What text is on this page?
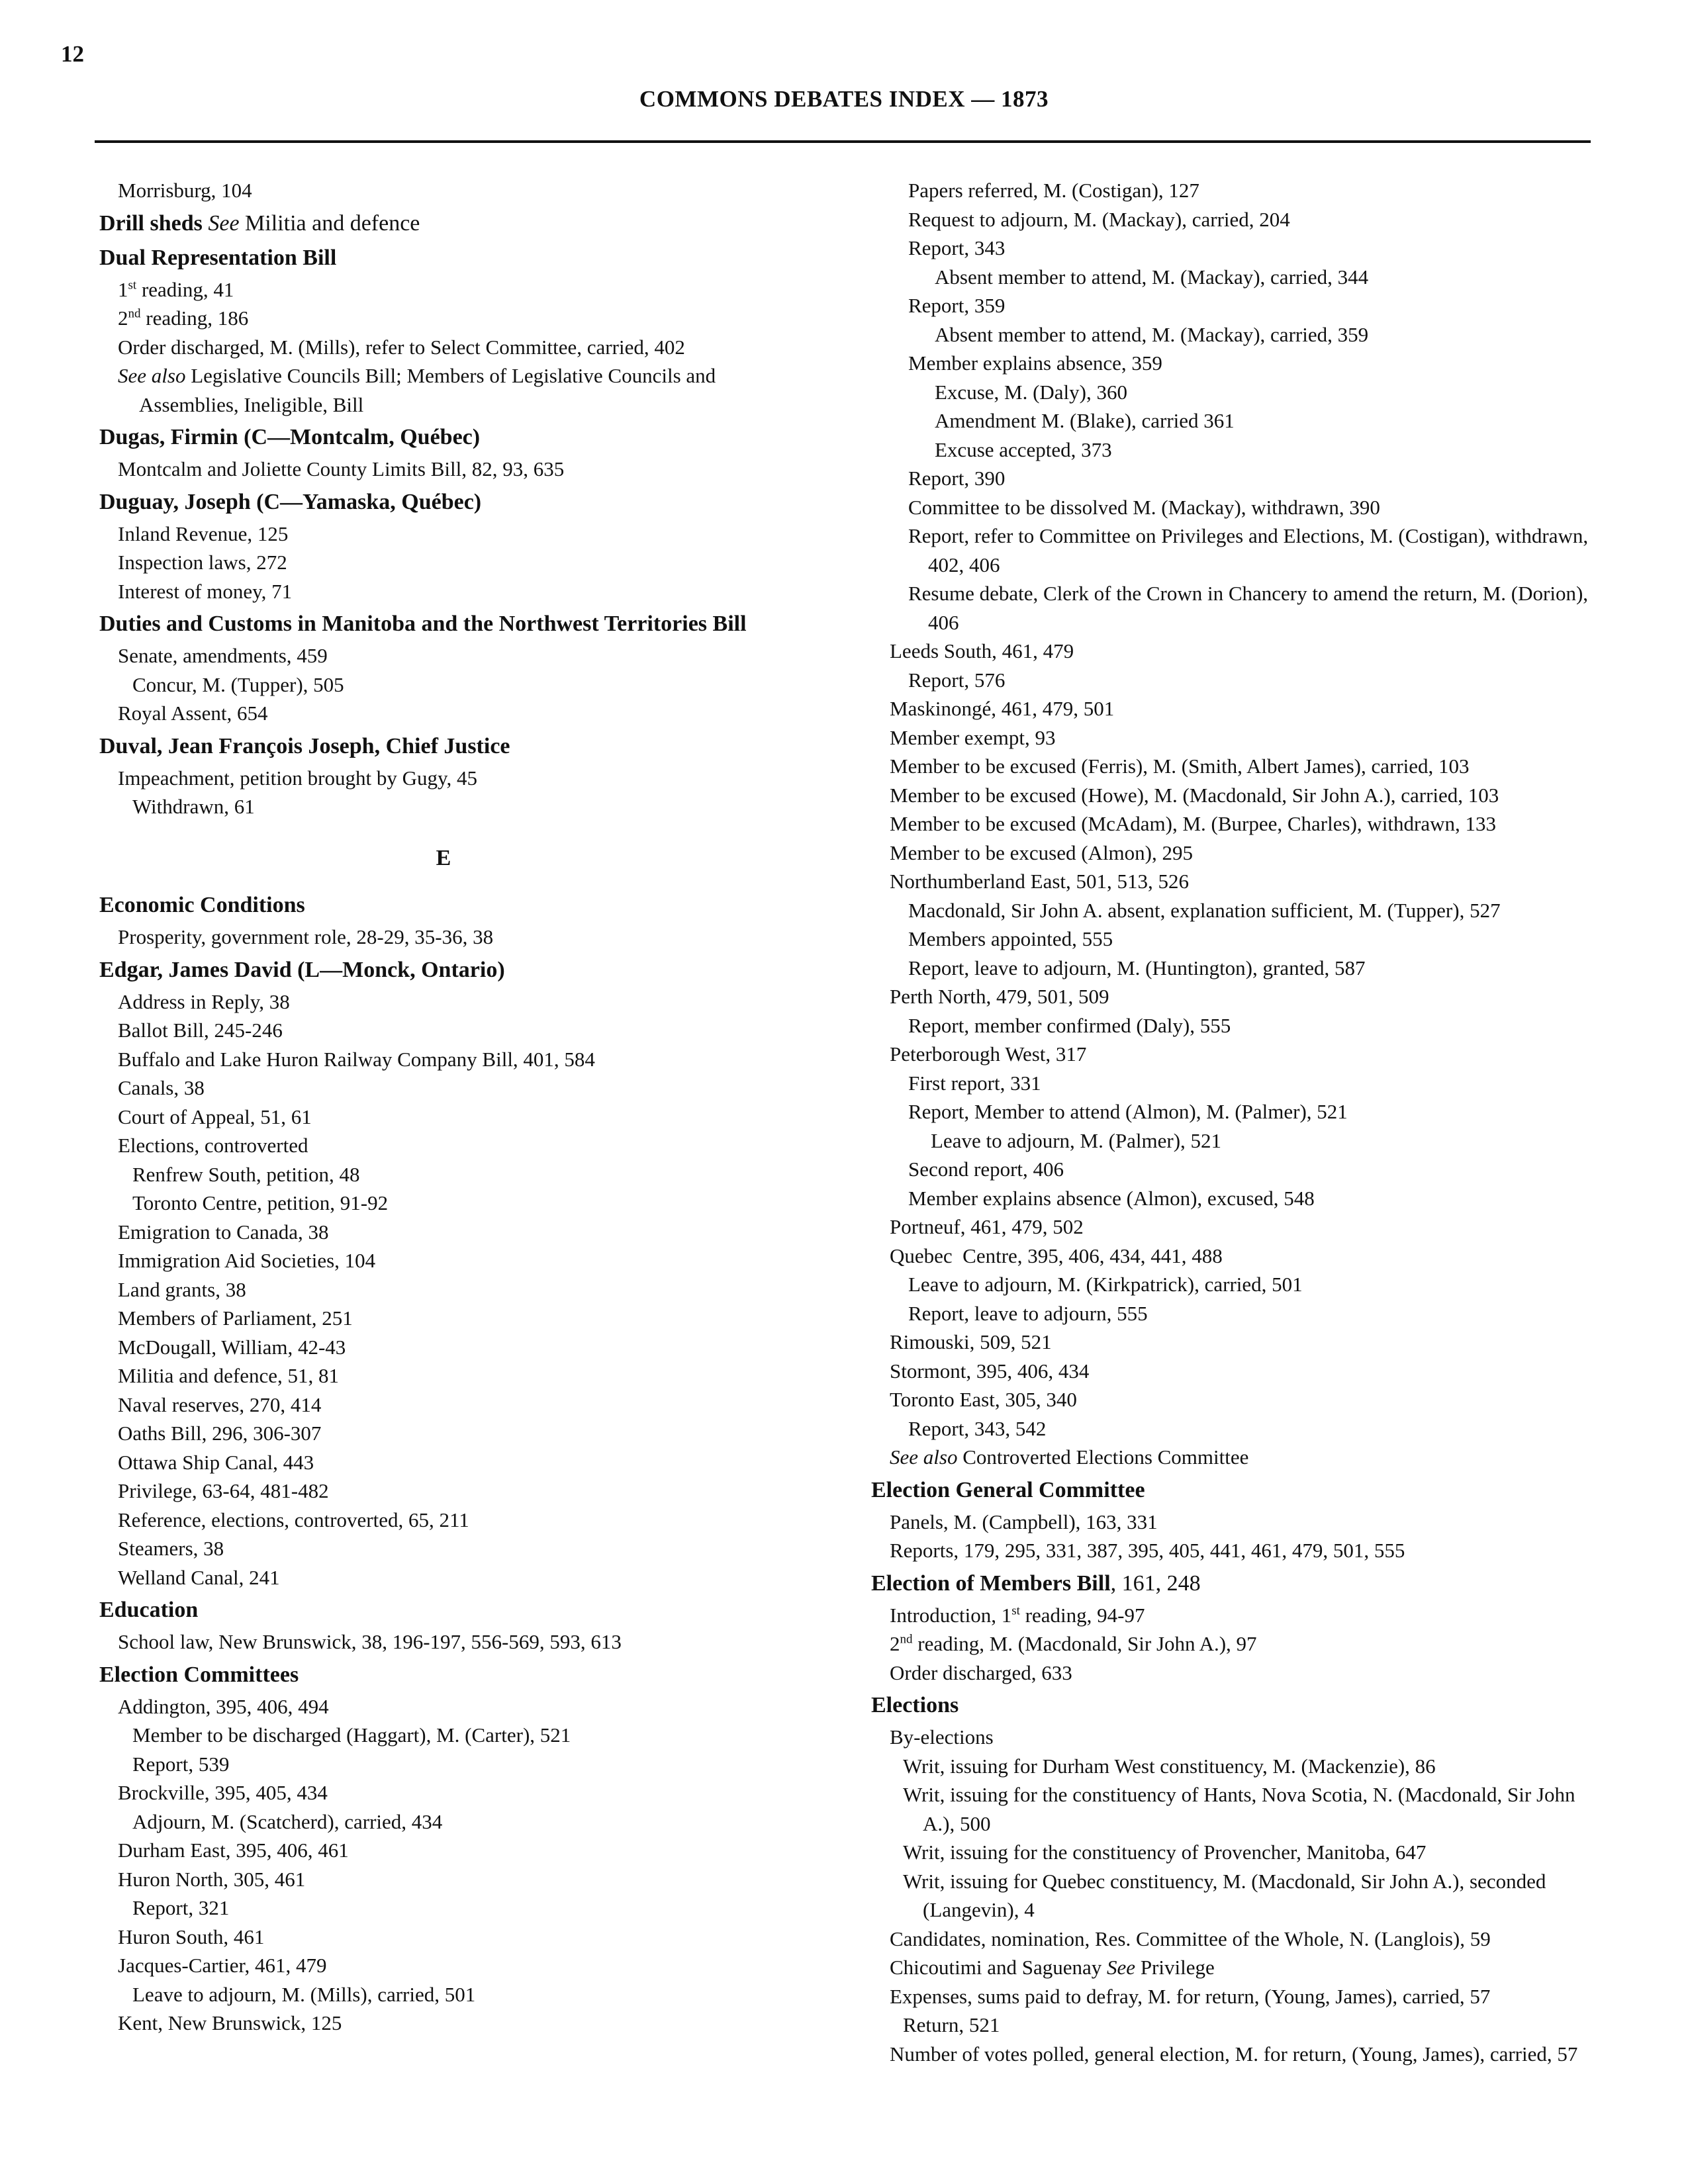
12
COMMONS DEBATES INDEX — 1873
Morrisburg, 104
Drill sheds See Militia and defence
Dual Representation Bill
1st reading, 41
2nd reading, 186
Order discharged, M. (Mills), refer to Select Committee, carried, 402
See also Legislative Councils Bill; Members of Legislative Councils and Assemblies, Ineligible, Bill
Dugas, Firmin (C—Montcalm, Québec)
Montcalm and Joliette County Limits Bill, 82, 93, 635
Duguay, Joseph (C—Yamaska, Québec)
Inland Revenue, 125
Inspection laws, 272
Interest of money, 71
Duties and Customs in Manitoba and the Northwest Territories Bill
Senate, amendments, 459
Concur, M. (Tupper), 505
Royal Assent, 654
Duval, Jean François Joseph, Chief Justice
Impeachment, petition brought by Gugy, 45
Withdrawn, 61
E
Economic Conditions
Prosperity, government role, 28-29, 35-36, 38
Edgar, James David (L—Monck, Ontario)
Address in Reply, 38
Ballot Bill, 245-246
Buffalo and Lake Huron Railway Company Bill, 401, 584
Canals, 38
Court of Appeal, 51, 61
Elections, controverted
Renfrew South, petition, 48
Toronto Centre, petition, 91-92
Emigration to Canada, 38
Immigration Aid Societies, 104
Land grants, 38
Members of Parliament, 251
McDougall, William, 42-43
Militia and defence, 51, 81
Naval reserves, 270, 414
Oaths Bill, 296, 306-307
Ottawa Ship Canal, 443
Privilege, 63-64, 481-482
Reference, elections, controverted, 65, 211
Steamers, 38
Welland Canal, 241
Education
School law, New Brunswick, 38, 196-197, 556-569, 593, 613
Election Committees
Addington, 395, 406, 494
Member to be discharged (Haggart), M. (Carter), 521
Report, 539
Brockville, 395, 405, 434
Adjourn, M. (Scatcherd), carried, 434
Durham East, 395, 406, 461
Huron North, 305, 461
Report, 321
Huron South, 461
Jacques-Cartier, 461, 479
Leave to adjourn, M. (Mills), carried, 501
Kent, New Brunswick, 125
Papers referred, M. (Costigan), 127
Request to adjourn, M. (Mackay), carried, 204
Report, 343
Absent member to attend, M. (Mackay), carried, 344
Report, 359
Absent member to attend, M. (Mackay), carried, 359
Member explains absence, 359
Excuse, M. (Daly), 360
Amendment M. (Blake), carried 361
Excuse accepted, 373
Report, 390
Committee to be dissolved M. (Mackay), withdrawn, 390
Report, refer to Committee on Privileges and Elections, M. (Costigan), withdrawn, 402, 406
Resume debate, Clerk of the Crown in Chancery to amend the return, M. (Dorion), 406
Leeds South, 461, 479
Report, 576
Maskinongé, 461, 479, 501
Member exempt, 93
Member to be excused (Ferris), M. (Smith, Albert James), carried, 103
Member to be excused (Howe), M. (Macdonald, Sir John A.), carried, 103
Member to be excused (McAdam), M. (Burpee, Charles), withdrawn, 133
Member to be excused (Almon), 295
Northumberland East, 501, 513, 526
Macdonald, Sir John A. absent, explanation sufficient, M. (Tupper), 527
Members appointed, 555
Report, leave to adjourn, M. (Huntington), granted, 587
Perth North, 479, 501, 509
Report, member confirmed (Daly), 555
Peterborough West, 317
First report, 331
Report, Member to attend (Almon), M. (Palmer), 521
Leave to adjourn, M. (Palmer), 521
Second report, 406
Member explains absence (Almon), excused, 548
Portneuf, 461, 479, 502
Quebec  Centre, 395, 406, 434, 441, 488
Leave to adjourn, M. (Kirkpatrick), carried, 501
Report, leave to adjourn, 555
Rimouski, 509, 521
Stormont, 395, 406, 434
Toronto East, 305, 340
Report, 343, 542
See also Controverted Elections Committee
Election General Committee
Panels, M. (Campbell), 163, 331
Reports, 179, 295, 331, 387, 395, 405, 441, 461, 479, 501, 555
Election of Members Bill, 161, 248
Introduction, 1st reading, 94-97
2nd reading, M. (Macdonald, Sir John A.), 97
Order discharged, 633
Elections
By-elections
Writ, issuing for Durham West constituency, M. (Mackenzie), 86
Writ, issuing for the constituency of Hants, Nova Scotia, N. (Macdonald, Sir John A.), 500
Writ, issuing for the constituency of Provencher, Manitoba, 647
Writ, issuing for Quebec constituency, M. (Macdonald, Sir John A.), seconded (Langevin), 4
Candidates, nomination, Res. Committee of the Whole, N. (Langlois), 59
Chicoutimi and Saguenay See Privilege
Expenses, sums paid to defray, M. for return, (Young, James), carried, 57
Return, 521
Number of votes polled, general election, M. for return, (Young, James), carried, 57
